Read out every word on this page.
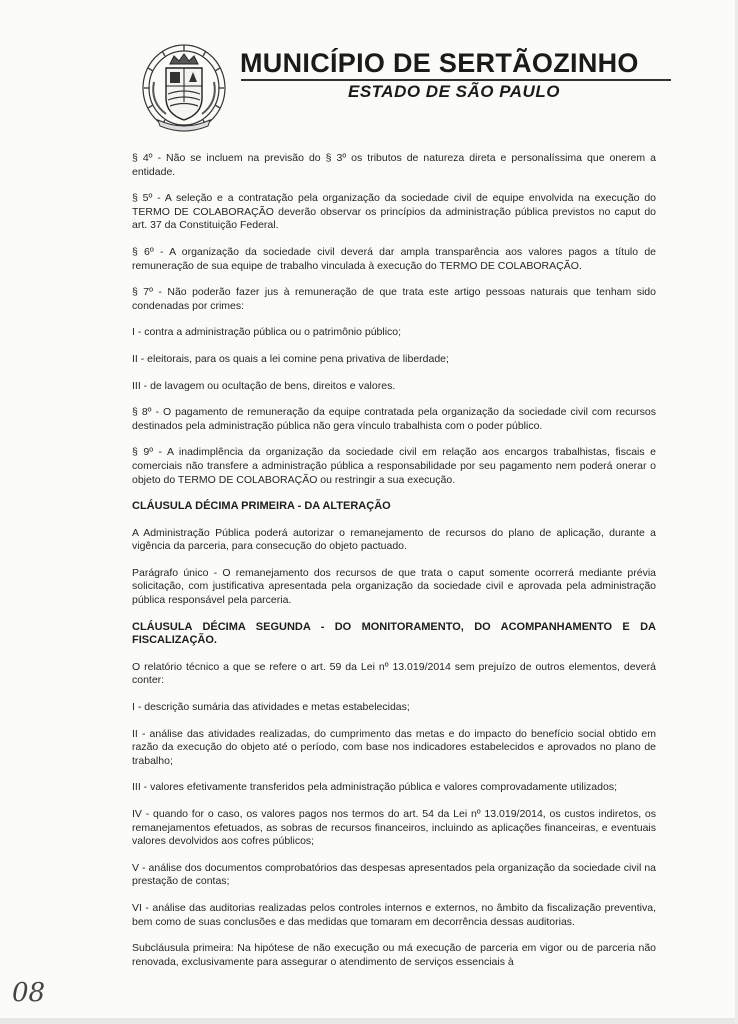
MUNICÍPIO DE SERTÃOZINHO
ESTADO DE SÃO PAULO

§ 4º - Não se incluem na previsão do § 3º os tributos de natureza direta e personalíssima que onerem a entidade.

§ 5º - A seleção e a contratação pela organização da sociedade civil de equipe envolvida na execução do TERMO DE COLABORAÇÃO deverão observar os princípios da administração pública previstos no caput do art. 37 da Constituição Federal.

§ 6º - A organização da sociedade civil deverá dar ampla transparência aos valores pagos a título de remuneração de sua equipe de trabalho vinculada à execução do TERMO DE COLABORAÇÃO.

§ 7º - Não poderão fazer jus à remuneração de que trata este artigo pessoas naturais que tenham sido condenadas por crimes:

I - contra a administração pública ou o patrimônio público;

II - eleitorais, para os quais a lei comine pena privativa de liberdade;

III - de lavagem ou ocultação de bens, direitos e valores.

§ 8º - O pagamento de remuneração da equipe contratada pela organização da sociedade civil com recursos destinados pela administração pública não gera vínculo trabalhista com o poder público.

§ 9º - A inadimplência da organização da sociedade civil em relação aos encargos trabalhistas, fiscais e comerciais não transfere a administração pública a responsabilidade por seu pagamento nem poderá onerar o objeto do TERMO DE COLABORAÇÃO ou restringir a sua execução.

CLÁUSULA DÉCIMA PRIMEIRA - DA ALTERAÇÃO

A Administração Pública poderá autorizar o remanejamento de recursos do plano de aplicação, durante a vigência da parceria, para consecução do objeto pactuado.

Parágrafo único - O remanejamento dos recursos de que trata o caput somente ocorrerá mediante prévia solicitação, com justificativa apresentada pela organização da sociedade civil e aprovada pela administração pública responsável pela parceria.

CLÁUSULA DÉCIMA SEGUNDA - DO MONITORAMENTO, DO ACOMPANHAMENTO E DA FISCALIZAÇÃO.

O relatório técnico a que se refere o art. 59 da Lei nº 13.019/2014 sem prejuízo de outros elementos, deverá conter:

I - descrição sumária das atividades e metas estabelecidas;

II - análise das atividades realizadas, do cumprimento das metas e do impacto do benefício social obtido em razão da execução do objeto até o período, com base nos indicadores estabelecidos e aprovados no plano de trabalho;

III - valores efetivamente transferidos pela administração pública e valores comprovadamente utilizados;

IV - quando for o caso, os valores pagos nos termos do art. 54 da Lei nº 13.019/2014, os custos indiretos, os remanejamentos efetuados, as sobras de recursos financeiros, incluindo as aplicações financeiras, e eventuais valores devolvidos aos cofres públicos;

V - análise dos documentos comprobatórios das despesas apresentados pela organização da sociedade civil na prestação de contas;

VI - análise das auditorias realizadas pelos controles internos e externos, no âmbito da fiscalização preventiva, bem como de suas conclusões e das medidas que tomaram em decorrência dessas auditorias.

Subcláusula primeira: Na hipótese de não execução ou má execução de parceria em vigor ou de parceria não renovada, exclusivamente para assegurar o atendimento de serviços essenciais à

08
